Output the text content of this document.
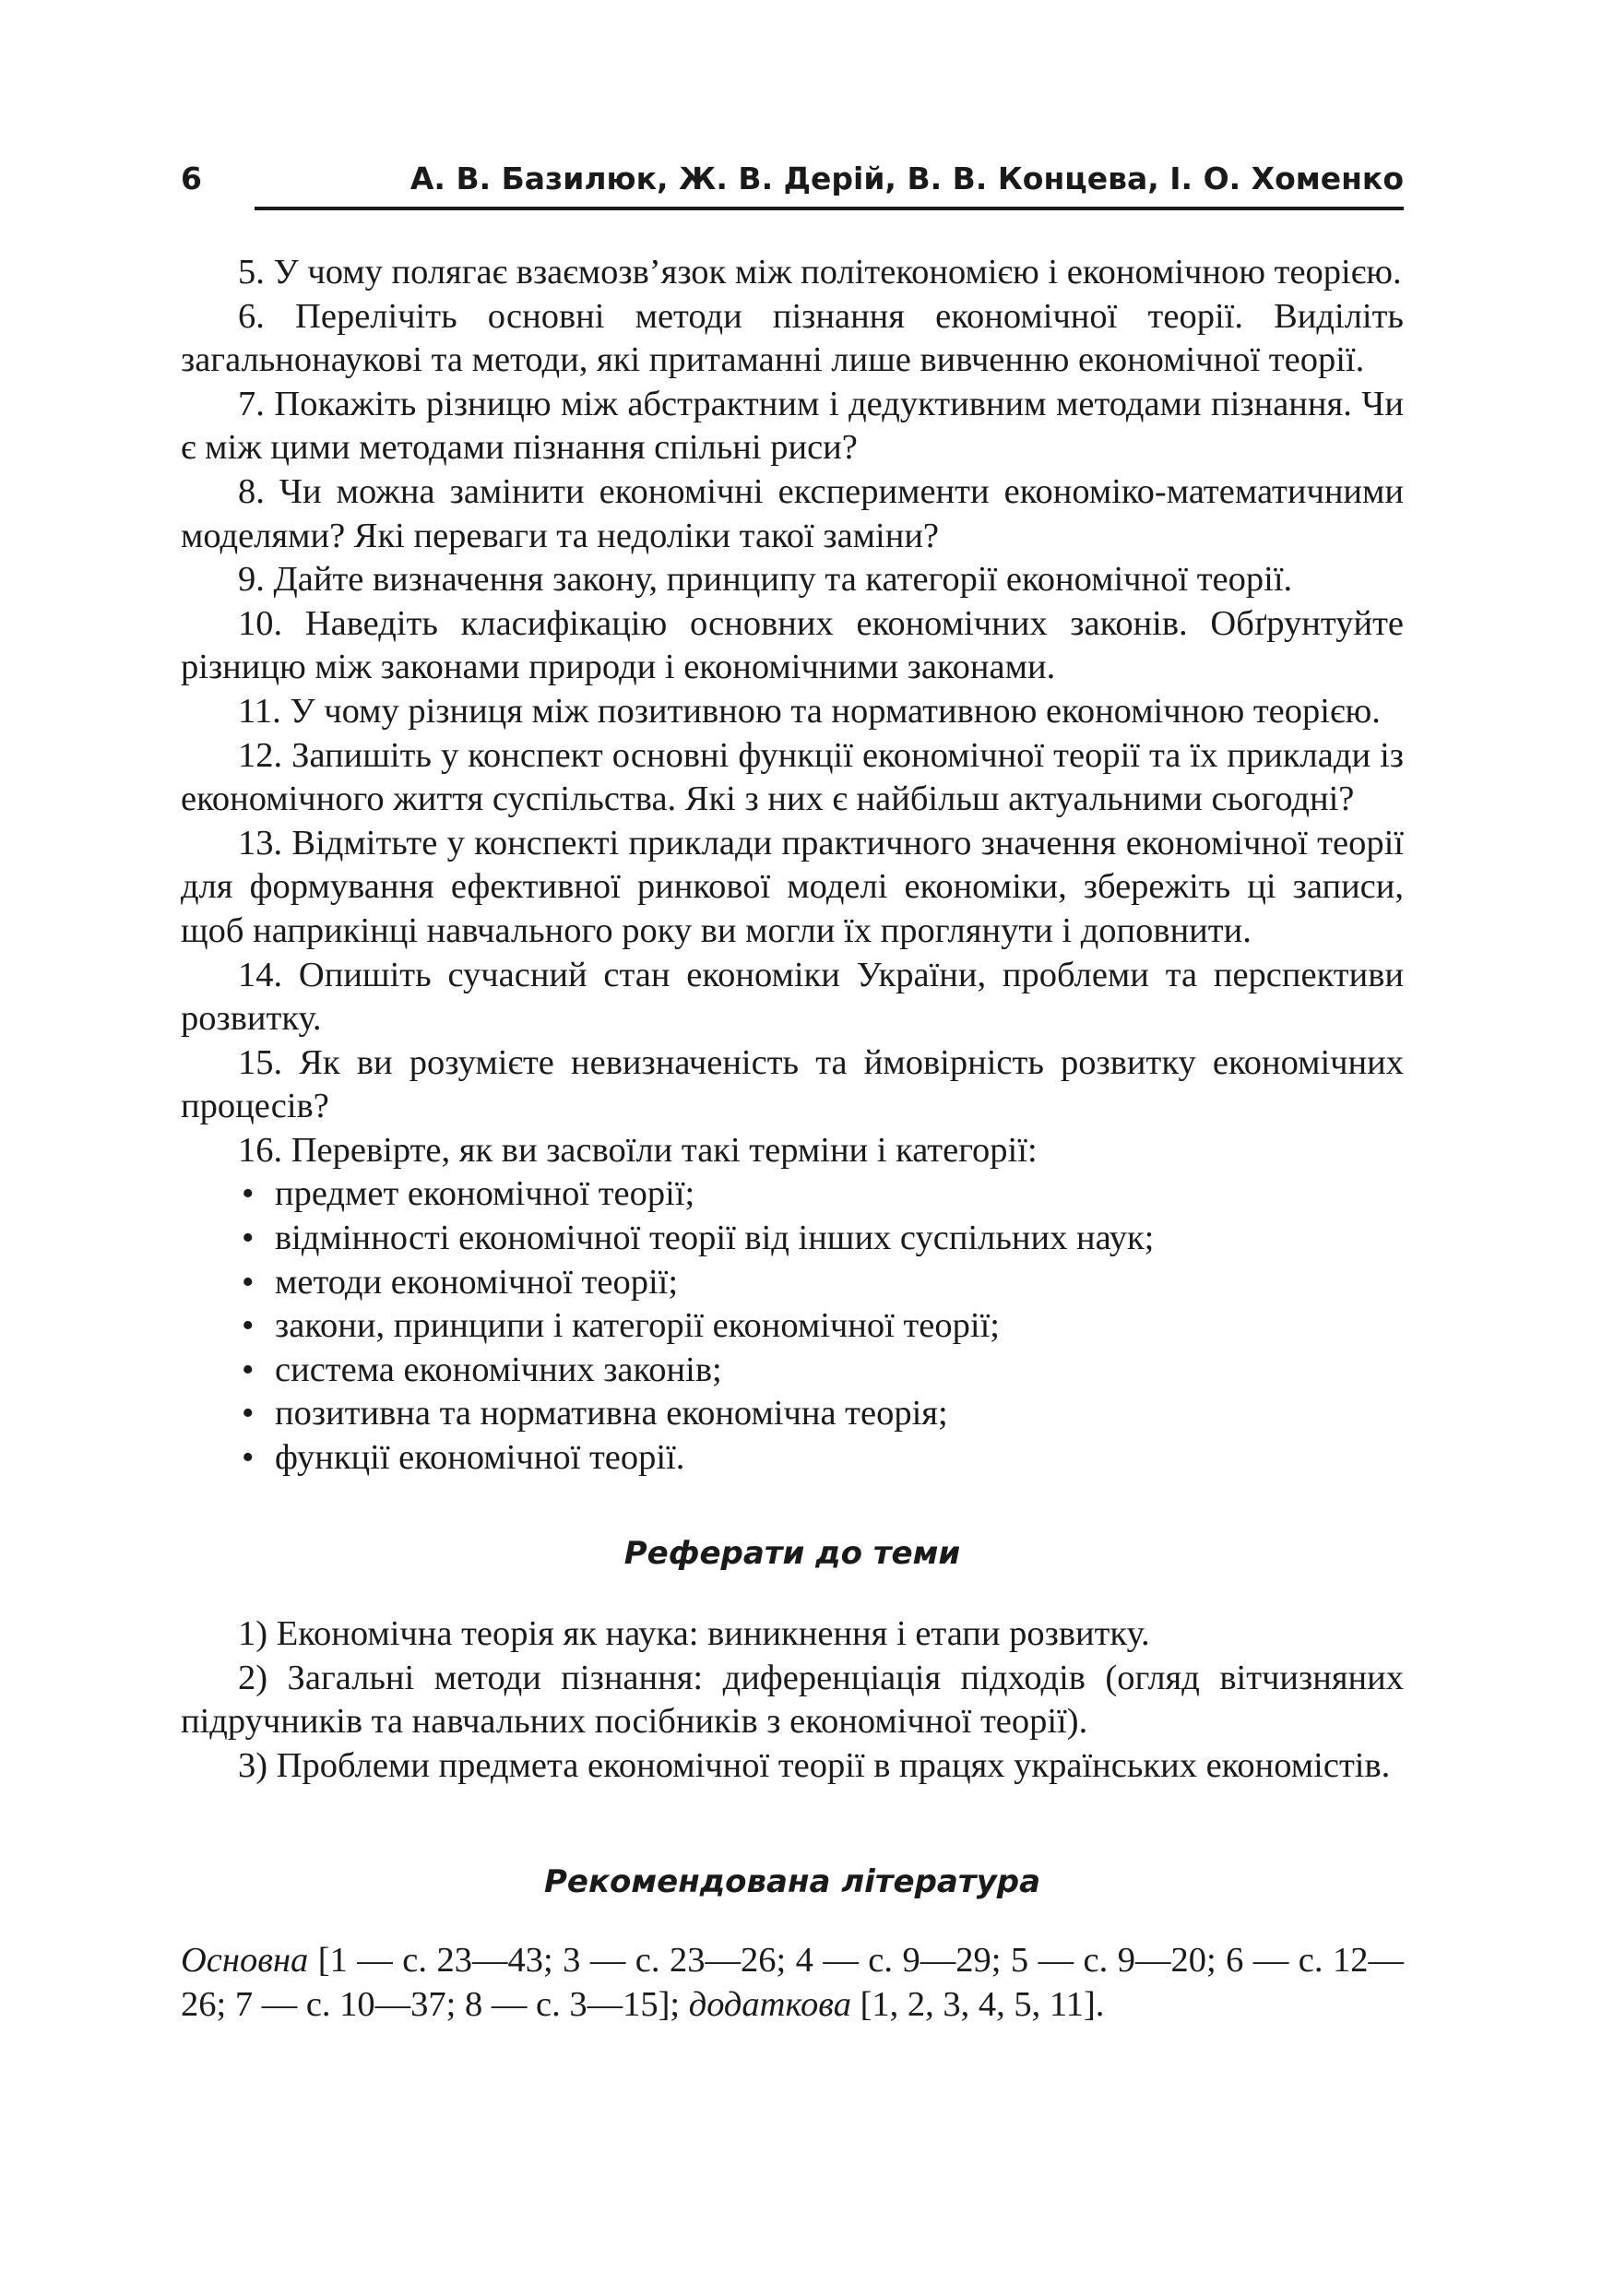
6	А. В. Базилюк, Ж. В. Дерій, В. В. Концева, І. О. Хоменко

5. У чому полягає взаємозв’язок між політекономією і економічною теорією.

6. Перелічіть основні методи пізнання економічної теорії. Виділіть загальнонаукові та методи, які притаманні лише вивченню економічної теорії.

7. Покажіть різницю між абстрактним і дедуктивним методами пізнання. Чи є між цими методами пізнання спільні риси?

8. Чи можна замінити економічні експерименти економіко-математичними моделями? Які переваги та недоліки такої заміни?

9. Дайте визначення закону, принципу та категорії економічної теорії.

10. Наведіть класифікацію основних економічних законів. Обґрунтуйте різницю між законами природи і економічними законами.

11. У чому різниця між позитивною та нормативною економічною теорією.

12. Запишіть у конспект основні функції економічної теорії та їх приклади із економічного життя суспільства. Які з них є найбільш актуальними сьогодні?

13. Відмітьте у конспекті приклади практичного значення економічної теорії для формування ефективної ринкової моделі економіки, збережіть ці записи, щоб наприкінці навчального року ви могли їх проглянути і доповнити.

14. Опишіть сучасний стан економіки України, проблеми та перспективи розвитку.

15. Як ви розумієте невизначеність та ймовірність розвитку економічних процесів?

16. Перевірте, як ви засвоїли такі терміни і категорії:

• предмет економічної теорії;
• відмінності економічної теорії від інших суспільних наук;
• методи економічної теорії;
• закони, принципи і категорії економічної теорії;
• система економічних законів;
• позитивна та нормативна економічна теорія;
• функції економічної теорії.
Реферати до теми

1) Економічна теорія як наука: виникнення і етапи розвитку.

2) Загальні методи пізнання: диференціація підходів (огляд вітчизняних підручників та навчальних посібників з економічної теорії).

3) Проблеми предмета економічної теорії в працях українських економістів.

Рекомендована література

Основна [1 — с. 23—43; 3 — с. 23—26; 4 — с. 9—29; 5 — с. 9—20; 6 — с. 12—26; 7 — с. 10—37; 8 — с. 3—15]; додаткова [1, 2, 3, 4, 5, 11].
